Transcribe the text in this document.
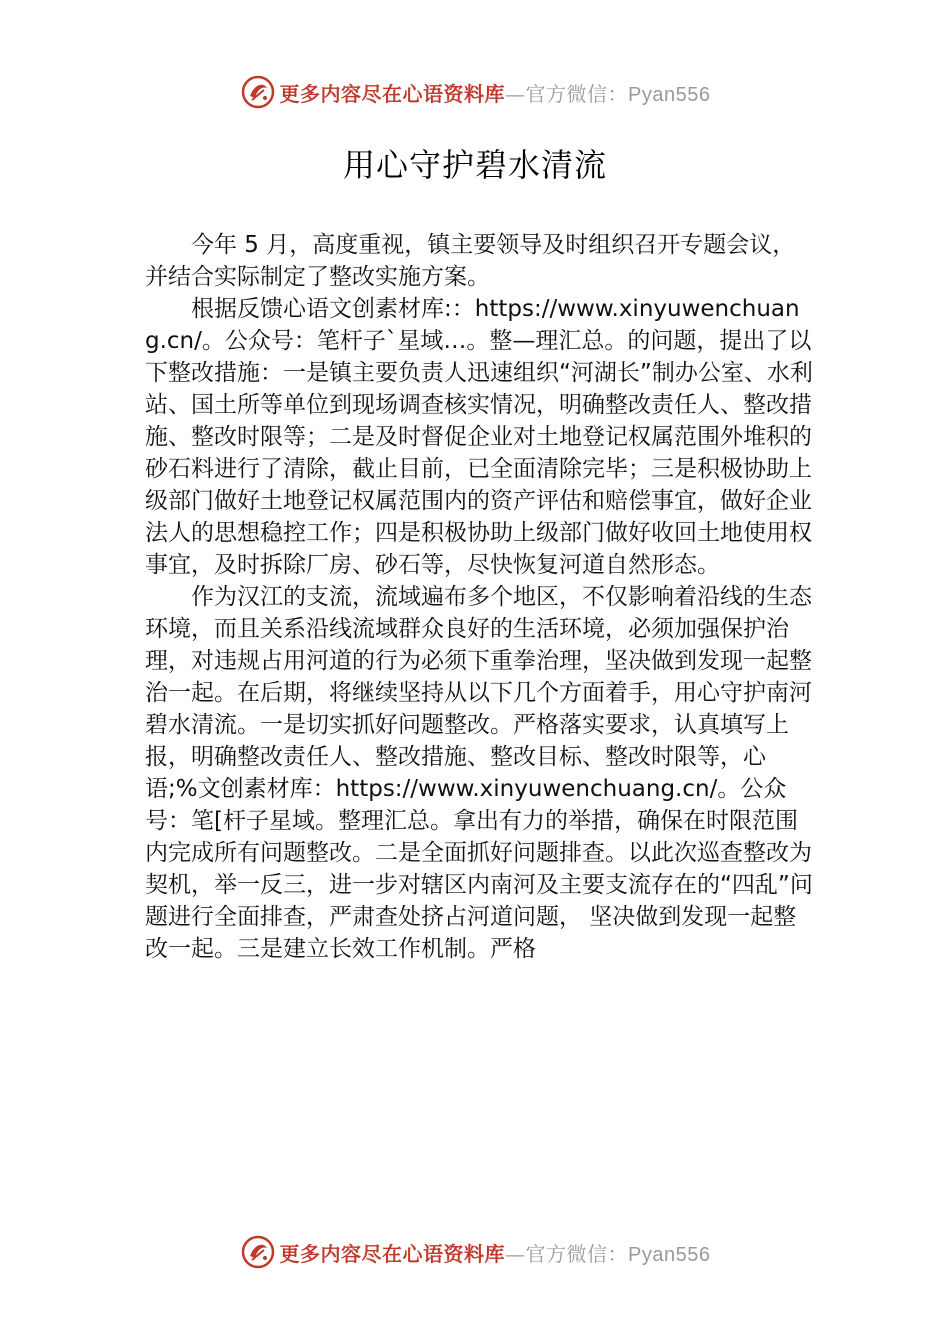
更多内容尽在心语资料库—官方微信：Pyan556
用心守护碧水清流

今年 5 月，高度重视，镇主要领导及时组织召开专题会议，并结合实际制定了整改实施方案。

根据反馈心语文创素材库:：https://www.xinyuwenchuang.cn/。公众号：笔杆子`星域…。整—理汇总。的问题，提出了以下整改措施：一是镇主要负责人迅速组织“河湖长”制办公室、水利站、国土所等单位到现场调查核实情况，明确整改责任人、整改措施、整改时限等；二是及时督促企业对土地登记权属范围外堆积的砂石料进行了清除，截止目前，已全面清除完毕；三是积极协助上级部门做好土地登记权属范围内的资产评估和赔偿事宜，做好企业法人的思想稳控工作；四是积极协助上级部门做好收回土地使用权事宜，及时拆除厂房、砂石等，尽快恢复河道自然形态。

作为汉江的支流，流域遍布多个地区，不仅影响着沿线的生态环境，而且关系沿线流域群众良好的生活环境，必须加强保护治理，对违规占用河道的行为必须下重拳治理，坚决做到发现一起整治一起。在后期，将继续坚持从以下几个方面着手，用心守护南河碧水清流。一是切实抓好问题整改。严格落实要求，认真填写上报，明确整改责任人、整改措施、整改目标、整改时限等，心语;%文创素材库：https://www.xinyuwenchuang.cn/。公众号：笔[杆子星域。整理汇总。拿出有力的举措，确保在时限范围内完成所有问题整改。二是全面抓好问题排查。以此次巡查整改为契机，举一反三，进一步对辖区内南河及主要支流存在的“四乱”问题进行全面排查，严肃查处挤占河道问题， 坚决做到发现一起整改一起。三是建立长效工作机制。严格

更多内容尽在心语资料库—官方微信：Pyan556
